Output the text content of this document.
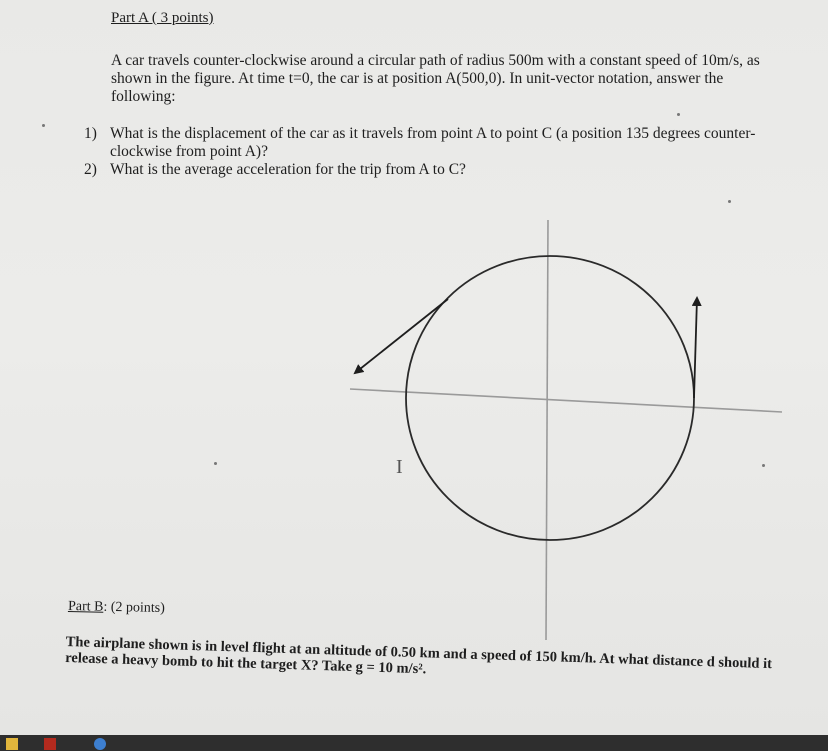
Part A ( 3 points)
A car travels counter-clockwise around a circular path of radius 500m with a constant speed of 10m/s, as shown in the figure. At time t=0, the car is at position A(500,0). In unit-vector notation, answer the following:
1) What is the displacement of the car as it travels from point A to point C (a position 135 degrees counter-clockwise from point A)?
2) What is the average acceleration for the trip from A to C?
I
Part B: (2 points)
The airplane shown is in level flight at an altitude of 0.50 km and a speed of 150 km/h. At what distance d should it release a heavy bomb to hit the target X? Take g = 10 m/s².
